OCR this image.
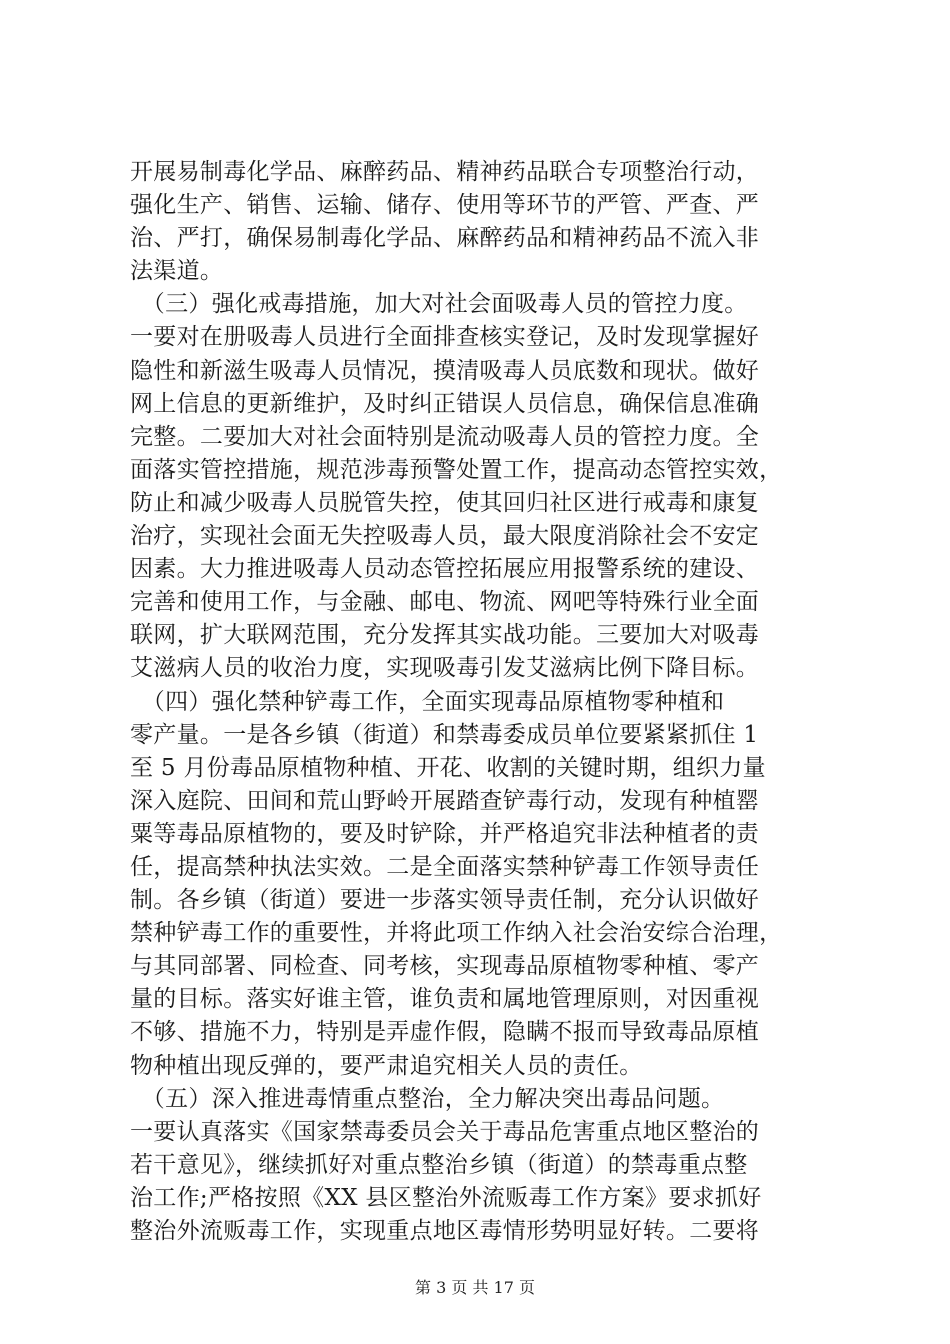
开展易制毒化学品、麻醉药品、精神药品联合专项整治行动，
强化生产、销售、运输、储存、使用等环节的严管、严查、严
治、严打，确保易制毒化学品、麻醉药品和精神药品不流入非
法渠道。
　（三）强化戒毒措施，加大对社会面吸毒人员的管控力度。
一要对在册吸毒人员进行全面排查核实登记，及时发现掌握好
隐性和新滋生吸毒人员情况，摸清吸毒人员底数和现状。做好
网上信息的更新维护，及时纠正错误人员信息，确保信息准确
完整。二要加大对社会面特别是流动吸毒人员的管控力度。全
面落实管控措施，规范涉毒预警处置工作，提高动态管控实效，
防止和减少吸毒人员脱管失控，使其回归社区进行戒毒和康复
治疗，实现社会面无失控吸毒人员，最大限度消除社会不安定
因素。大力推进吸毒人员动态管控拓展应用报警系统的建设、
完善和使用工作，与金融、邮电、物流、网吧等特殊行业全面
联网，扩大联网范围，充分发挥其实战功能。三要加大对吸毒
艾滋病人员的收治力度，实现吸毒引发艾滋病比例下降目标。
　（四）强化禁种铲毒工作，全面实现毒品原植物零种植和
零产量。一是各乡镇（街道）和禁毒委成员单位要紧紧抓住 1
至 5 月份毒品原植物种植、开花、收割的关键时期，组织力量
深入庭院、田间和荒山野岭开展踏查铲毒行动，发现有种植罂
粟等毒品原植物的，要及时铲除，并严格追究非法种植者的责
任，提高禁种执法实效。二是全面落实禁种铲毒工作领导责任
制。各乡镇（街道）要进一步落实领导责任制，充分认识做好
禁种铲毒工作的重要性，并将此项工作纳入社会治安综合治理，
与其同部署、同检查、同考核，实现毒品原植物零种植、零产
量的目标。落实好谁主管，谁负责和属地管理原则，对因重视
不够、措施不力，特别是弄虚作假，隐瞒不报而导致毒品原植
物种植出现反弹的，要严肃追究相关人员的责任。
　（五）深入推进毒情重点整治，全力解决突出毒品问题。
一要认真落实《国家禁毒委员会关于毒品危害重点地区整治的
若干意见》，继续抓好对重点整治乡镇（街道）的禁毒重点整
治工作;严格按照《XX 县区整治外流贩毒工作方案》要求抓好
整治外流贩毒工作，实现重点地区毒情形势明显好转。二要将
第 3 页 共 17 页
